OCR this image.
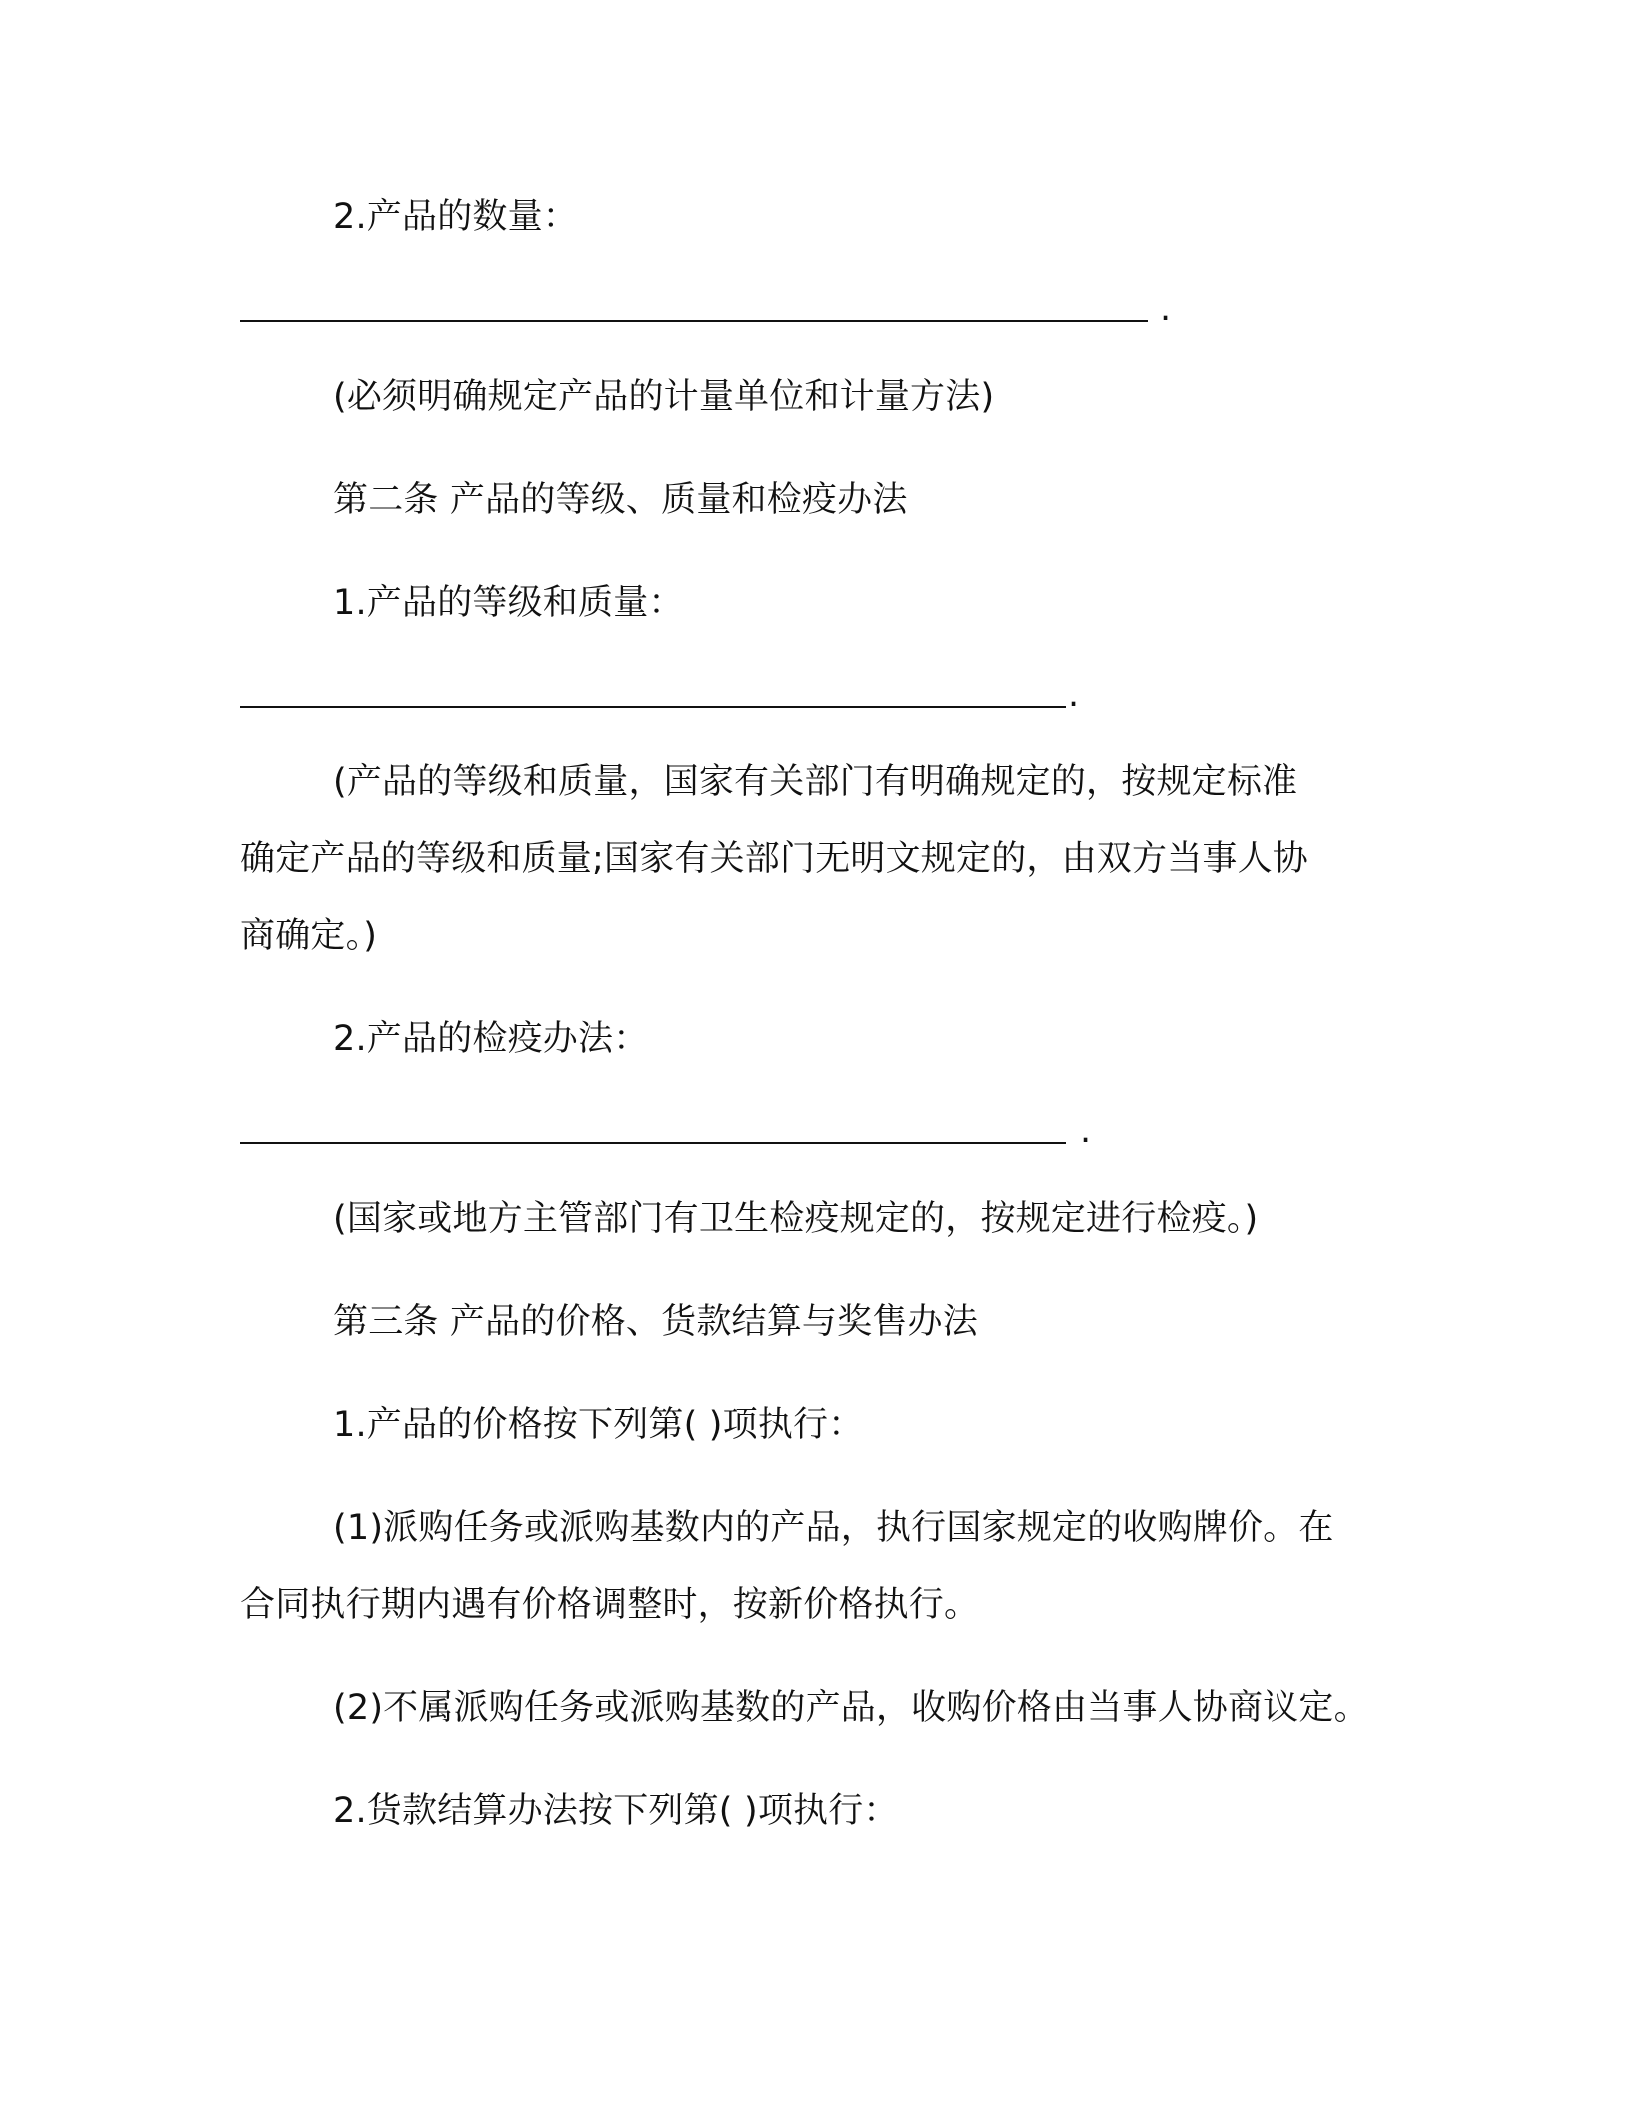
2.产品的数量：
.
(必须明确规定产品的计量单位和计量方法)
第二条 产品的等级、质量和检疫办法
1.产品的等级和质量：
.
(产品的等级和质量，国家有关部门有明确规定的，按规定标准
确定产品的等级和质量;国家有关部门无明文规定的，由双方当事人协
商确定。)
2.产品的检疫办法：
.
(国家或地方主管部门有卫生检疫规定的，按规定进行检疫。)
第三条 产品的价格、货款结算与奖售办法
1.产品的价格按下列第( )项执行：
(1)派购任务或派购基数内的产品，执行国家规定的收购牌价。在
合同执行期内遇有价格调整时，按新价格执行。
(2)不属派购任务或派购基数的产品，收购价格由当事人协商议定。
2.货款结算办法按下列第( )项执行：
